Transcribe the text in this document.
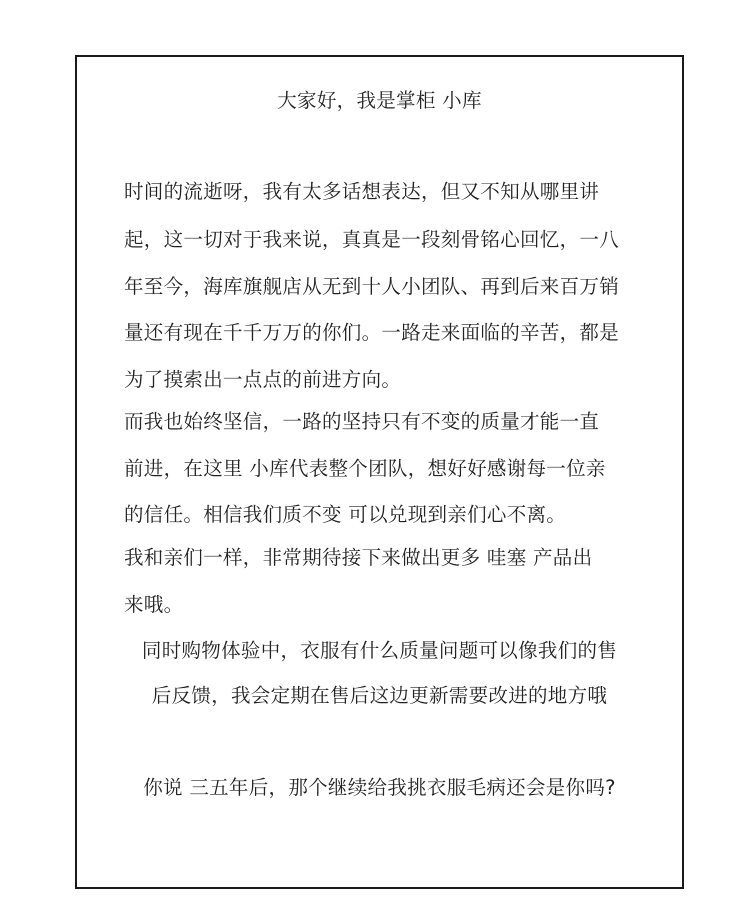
大家好，我是掌柜 小库
时间的流逝呀，我有太多话想表达，但又不知从哪里讲
起，这一切对于我来说，真真是一段刻骨铭心回忆，一八
年至今，海库旗舰店从无到十人小团队、再到后来百万销
量还有现在千千万万的你们。一路走来面临的辛苦，都是
为了摸索出一点点的前进方向。
而我也始终坚信，一路的坚持只有不变的质量才能一直
前进，在这里 小库代表整个团队，想好好感谢每一位亲
的信任。相信我们质不变 可以兑现到亲们心不离。
我和亲们一样，非常期待接下来做出更多 哇塞 产品出
来哦。
同时购物体验中，衣服有什么质量问题可以像我们的售
后反馈，我会定期在售后这边更新需要改进的地方哦
你说 三五年后，那个继续给我挑衣服毛病还会是你吗?
